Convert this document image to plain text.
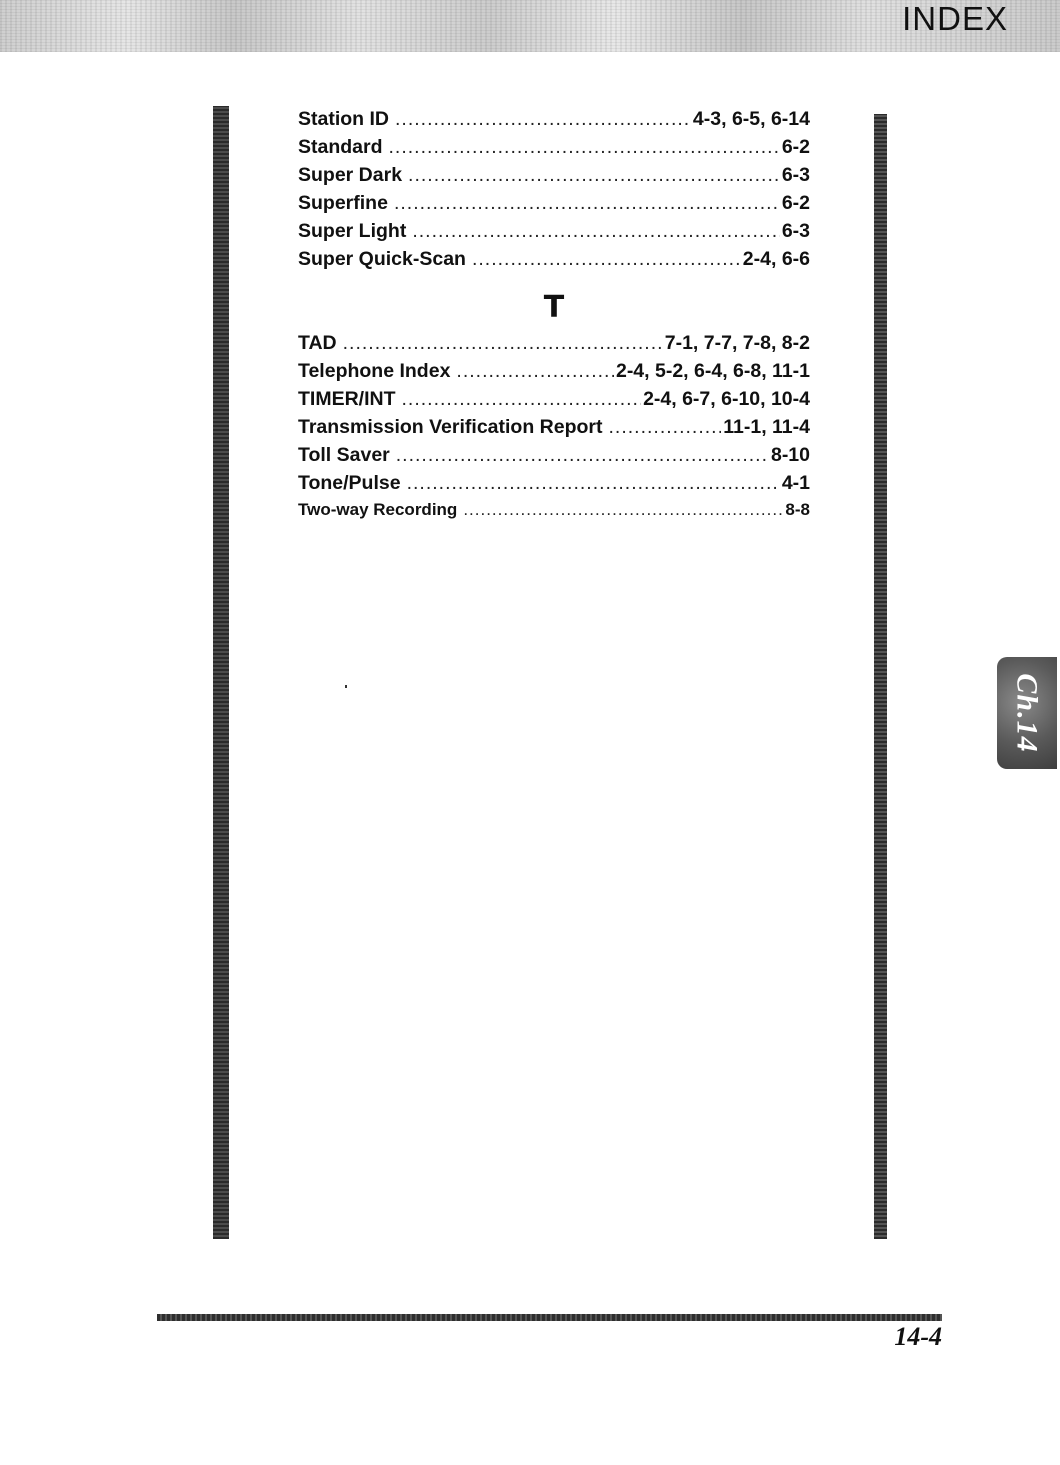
INDEX
Station ID .....	4-3, 6-5, 6-14
Standard .....	6-2
Super Dark .....	6-3
Superfine .....	6-2
Super Light .....	6-3
Super Quick-Scan .....	2-4, 6-6
T
TAD .....	7-1, 7-7, 7-8, 8-2
Telephone Index .....	2-4, 5-2, 6-4, 6-8, 11-1
TIMER/INT .....	2-4, 6-7, 6-10, 10-4
Transmission Verification Report .....	11-1, 11-4
Toll Saver .....	8-10
Tone/Pulse .....	4-1
Two-way Recording .....	8-8
Ch.14
14-4
